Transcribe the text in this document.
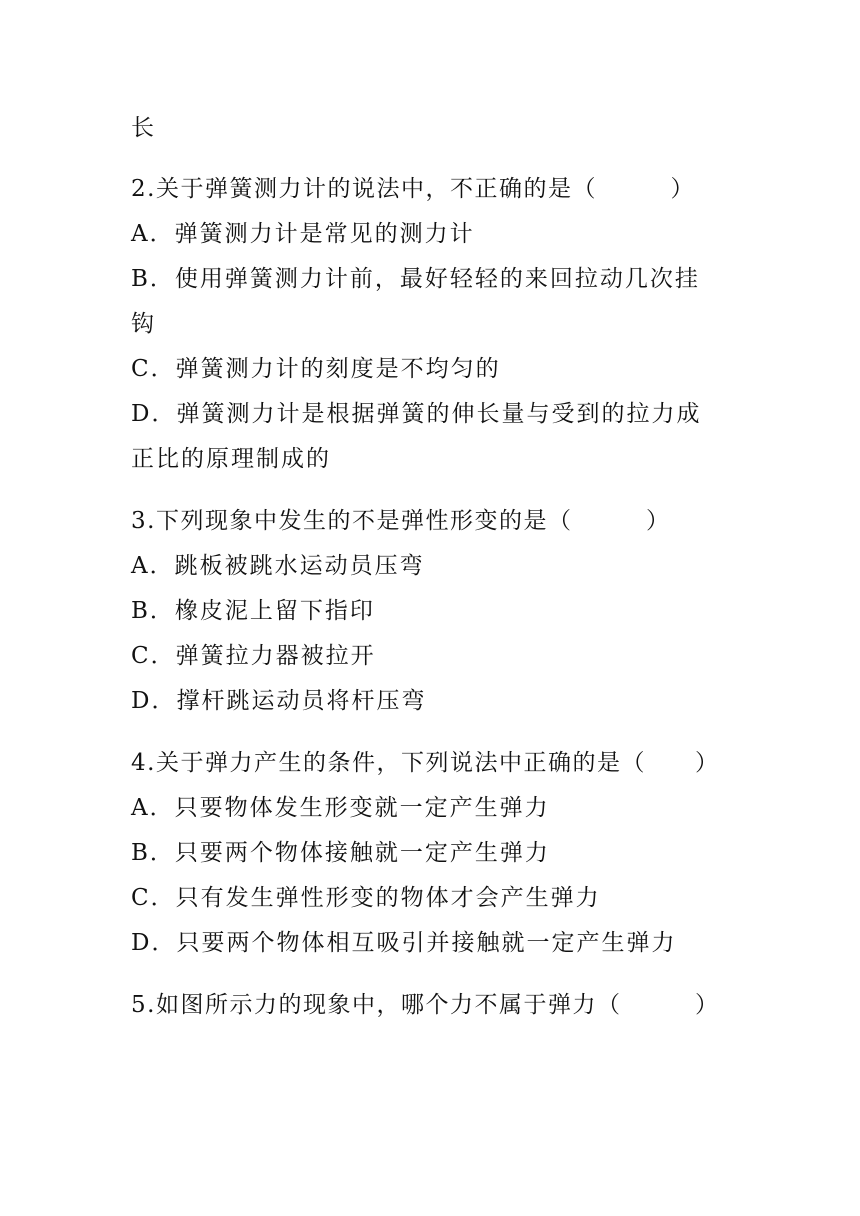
长
2.关于弹簧测力计的说法中，不正确的是（　　　）
A．弹簧测力计是常见的测力计
B．使用弹簧测力计前，最好轻轻的来回拉动几次挂
钩
C．弹簧测力计的刻度是不均匀的
D．弹簧测力计是根据弹簧的伸长量与受到的拉力成
正比的原理制成的
3.下列现象中发生的不是弹性形变的是（　　　）
A．跳板被跳水运动员压弯
B．橡皮泥上留下指印
C．弹簧拉力器被拉开
D．撑杆跳运动员将杆压弯
4.关于弹力产生的条件，下列说法中正确的是（　　）
A．只要物体发生形变就一定产生弹力
B．只要两个物体接触就一定产生弹力
C．只有发生弹性形变的物体才会产生弹力
D．只要两个物体相互吸引并接触就一定产生弹力
5.如图所示力的现象中，哪个力不属于弹力（　　　）
